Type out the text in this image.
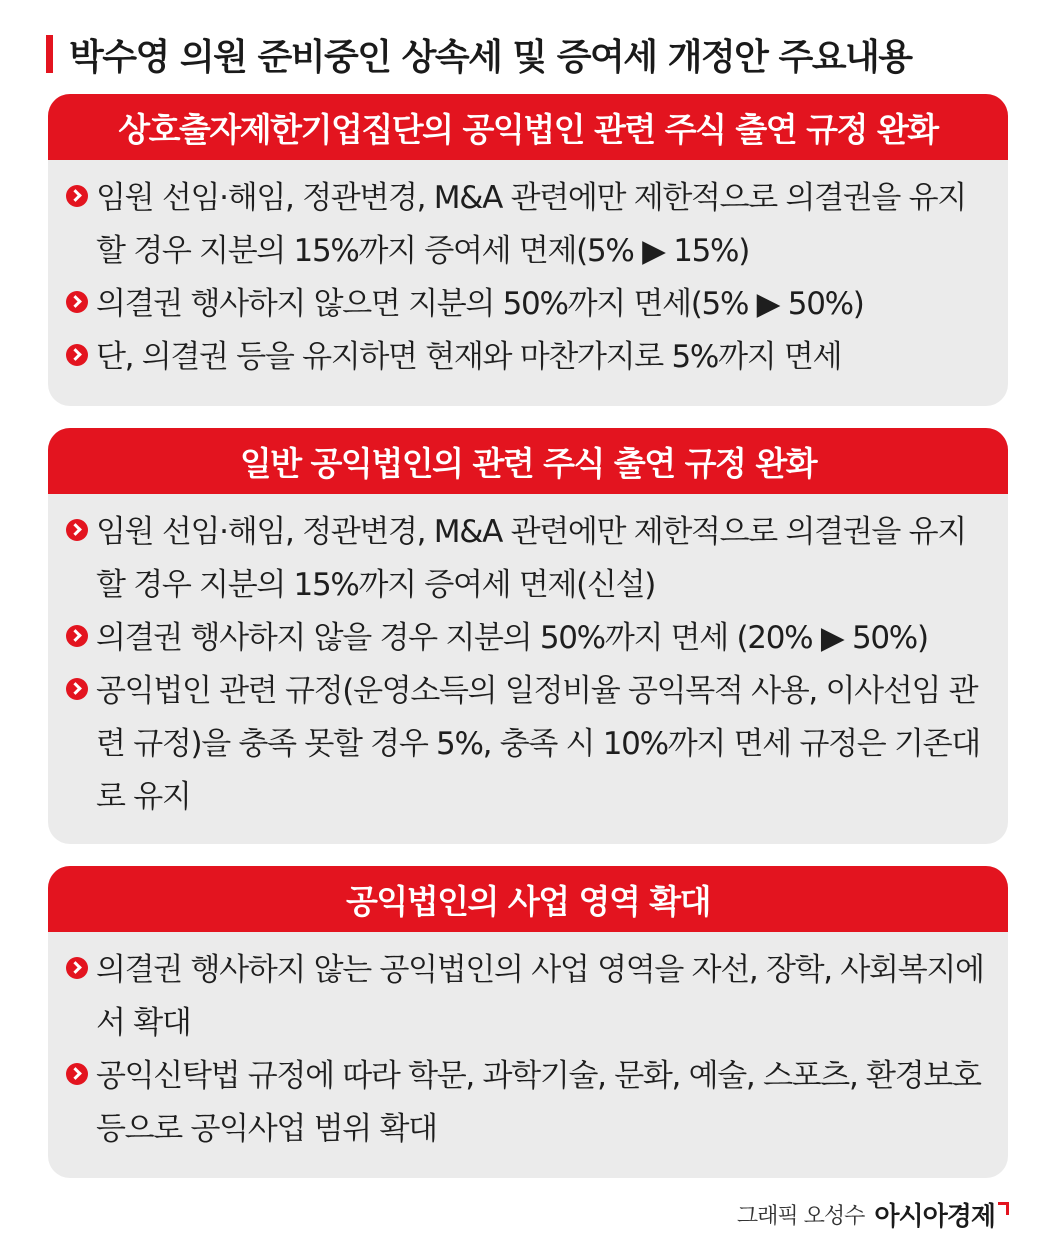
박수영 의원 준비중인 상속세 및 증여세 개정안 주요내용
상호출자제한기업집단의 공익법인 관련 주식 출연 규정 완화
임원 선임·해임, 정관변경, M&A 관련에만 제한적으로 의결권을 유지할 경우 지분의 15%까지 증여세 면제(5% ▶ 15%)
의결권 행사하지 않으면 지분의 50%까지 면세(5% ▶ 50%)
단, 의결권 등을 유지하면 현재와 마찬가지로 5%까지 면세
일반 공익법인의 관련 주식 출연 규정 완화
임원 선임·해임, 정관변경, M&A 관련에만 제한적으로 의결권을 유지할 경우 지분의 15%까지 증여세 면제(신설)
의결권 행사하지 않을 경우 지분의 50%까지 면세 (20% ▶ 50%)
공익법인 관련 규정(운영소득의 일정비율 공익목적 사용, 이사선임 관련 규정)을 충족 못할 경우 5%, 충족 시 10%까지 면세 규정은 기존대로 유지
공익법인의 사업 영역 확대
의결권 행사하지 않는 공익법인의 사업 영역을 자선, 장학, 사회복지에서 확대
공익신탁법 규정에 따라 학문, 과학기술, 문화, 예술, 스포츠, 환경보호 등으로 공익사업 범위 확대
그래픽 오성수 아시아경제
